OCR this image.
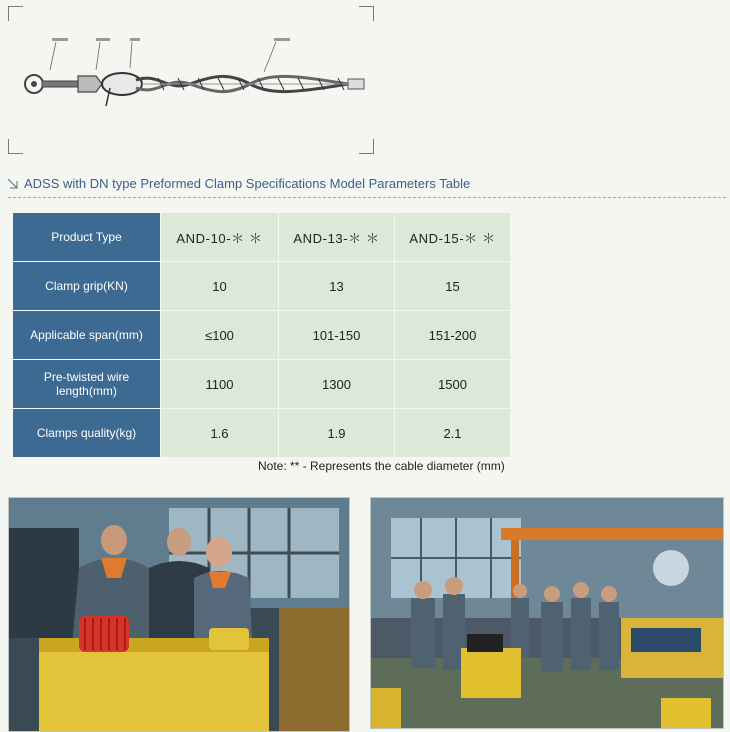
ADSS with DN type Preformed Clamp Specifications Model Parameters Table
Product Type	AND-10-＊ ＊	AND-13-＊ ＊	AND-15-＊ ＊
Clamp grip(KN)	10	13	15
Applicable span(mm)	≤100	101-150	151-200
Pre-twisted wire length(mm)	1100	1300	1500
Clamps quality(kg)	1.6	1.9	2.1
Note: ** - Represents the cable diameter (mm)
